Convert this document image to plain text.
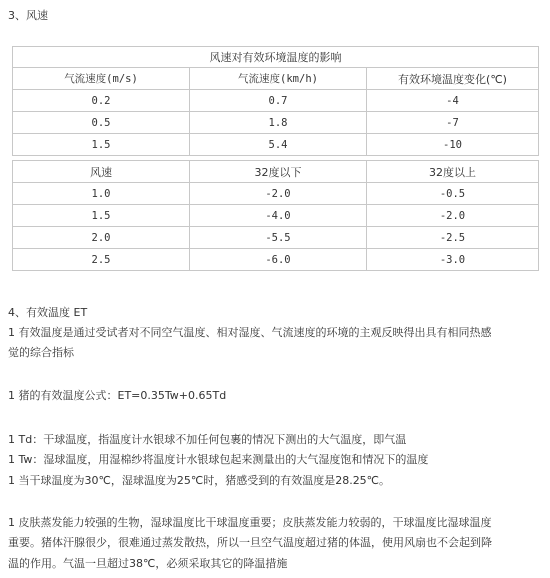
3、风速
风速对有效环境温度的影响		
气流速度(m/s)	气流速度(km/h)	有效环境温度变化(℃)
0.2	0.7	-4
0.5	1.8	-7
1.5	5.4	-10
风速	32度以下	32度以上
1.0	-2.0	-0.5
1.5	-4.0	-2.0
2.0	-5.5	-2.5
2.5	-6.0	-3.0
4、有效温度 ET
1 有效温度是通过受试者对不同空气温度、相对湿度、气流速度的环境的主观反映得出具有相同热感
觉的综合指标
1 猪的有效温度公式：ET=0.35Tw+0.65Td
1 Td：干球温度，指温度计水银球不加任何包裹的情况下测出的大气温度，即气温
1 Tw：湿球温度，用湿棉纱将温度计水银球包起来测量出的大气湿度饱和情况下的温度
1 当干球温度为30℃，湿球温度为25℃时，猪感受到的有效温度是28.25℃。
1 皮肤蒸发能力较强的生物，湿球温度比干球温度重要；皮肤蒸发能力较弱的，干球温度比湿球温度
重要。猪体汗腺很少，很难通过蒸发散热，所以一旦空气温度超过猪的体温，使用风扇也不会起到降
温的作用。气温一旦超过38℃，必须采取其它的降温措施
